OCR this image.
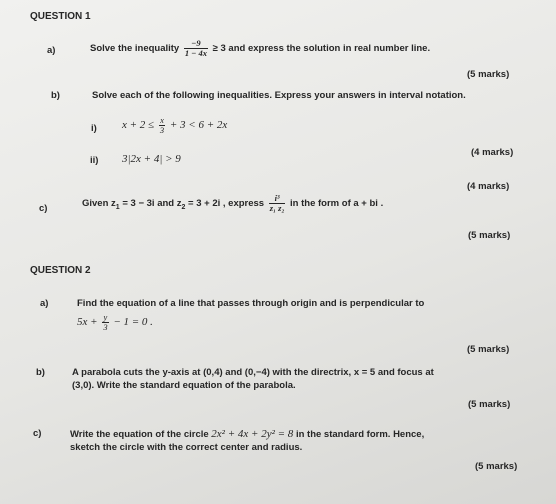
QUESTION 1
a)	Solve the inequality $\frac{-9}{1 - 4x} \ge 3$ and express the solution in real number line.
(5 marks)
b)	Solve each of the following inequalities. Express your answers in interval notation.
i) $x + 2 \le \frac{x}{3} + 3 < 6 + 2x$
(4 marks)
ii) 3|2x + 4| > 9
(4 marks)
c)	Given $z_1 = 3 - 3i$ and $z_2 = 3 + 2i$ , express $\frac{\text{i³}}{\text{z₁ z₂}}$ in the form of a + bi .
(5 marks)
QUESTION 2
a)	Find the equation of a line that passes through origin and is perpendicular to
$5x + \frac{y}{3} - 1 = 0$ .
(5 marks)
b)	A parabola cuts the y-axis at (0,4) and (0,−4) with the directrix, x = 5 and focus at
(3,0). Write the standard equation of the parabola.
(5 marks)
c)	Write the equation of the circle 2x² + 4x + 2y² = 8 in the standard form. Hence,
sketch the circle with the correct center and radius.
(5 marks)
